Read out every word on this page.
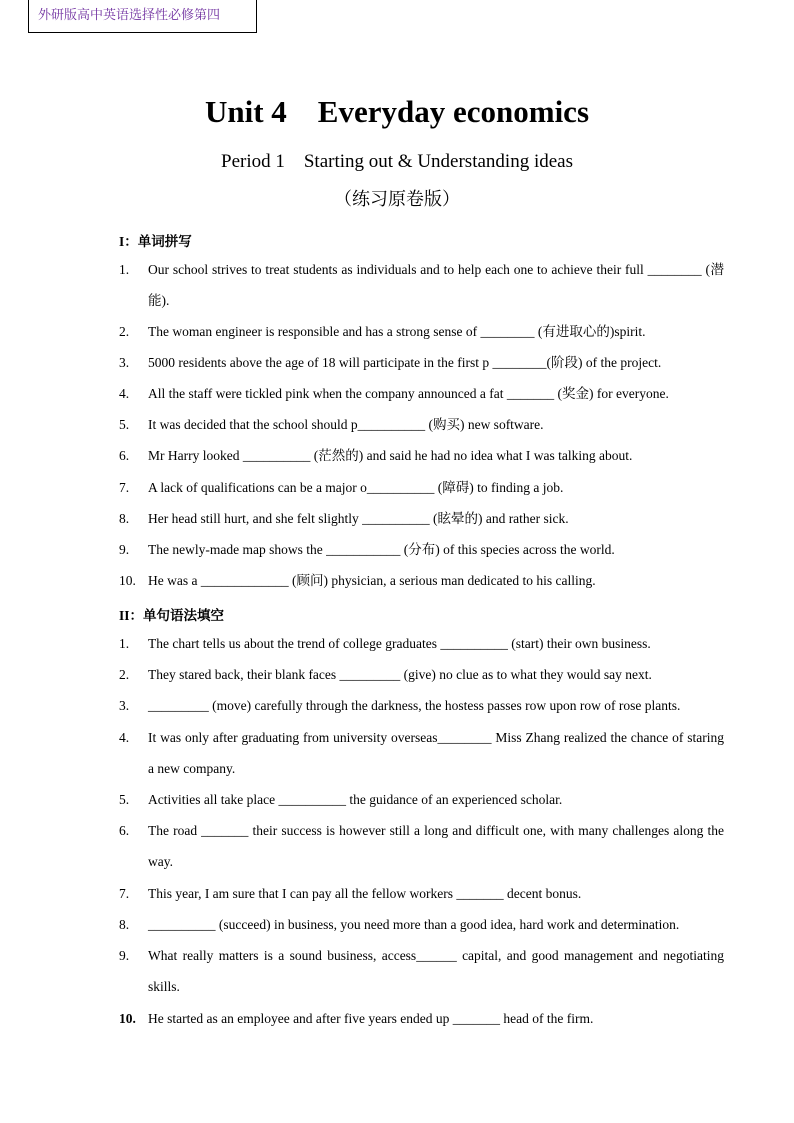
外研版高中英语选择性必修第四
Unit 4    Everyday economics
Period 1    Starting out & Understanding ideas
（练习原卷版）
I：单词拼写
1. Our school strives to treat students as individuals and to help each one to achieve their full ________ (潜能).
2. The woman engineer is responsible and has a strong sense of ________ (有进取心的)spirit.
3. 5000 residents above the age of 18 will participate in the first p ________(阶段) of the project.
4. All the staff were tickled pink when the company announced a fat _______ (奖金) for everyone.
5. It was decided that the school should p__________ (购买) new software.
6. Mr Harry looked __________ (茫然的) and said he had no idea what I was talking about.
7. A lack of qualifications can be a major o__________ (障碍) to finding a job.
8. Her head still hurt, and she felt slightly __________ (眩晕的) and rather sick.
9. The newly-made map shows the ___________ (分布) of this species across the world.
10. He was a _____________ (顾问) physician, a serious man dedicated to his calling.
II：单句语法填空
1. The chart tells us about the trend of college graduates __________ (start) their own business.
2. They stared back, their blank faces _________ (give) no clue as to what they would say next.
3. _________ (move) carefully through the darkness, the hostess passes row upon row of rose plants.
4. It was only after graduating from university overseas________ Miss Zhang realized the chance of staring a new company.
5. Activities all take place __________ the guidance of an experienced scholar.
6. The road _______ their success is however still a long and difficult one, with many challenges along the way.
7. This year, I am sure that I can pay all the fellow workers _______ decent bonus.
8. __________ (succeed) in business, you need more than a good idea, hard work and determination.
9. What really matters is a sound business, access______ capital, and good management and negotiating skills.
10. He started as an employee and after five years ended up _______ head of the firm.
